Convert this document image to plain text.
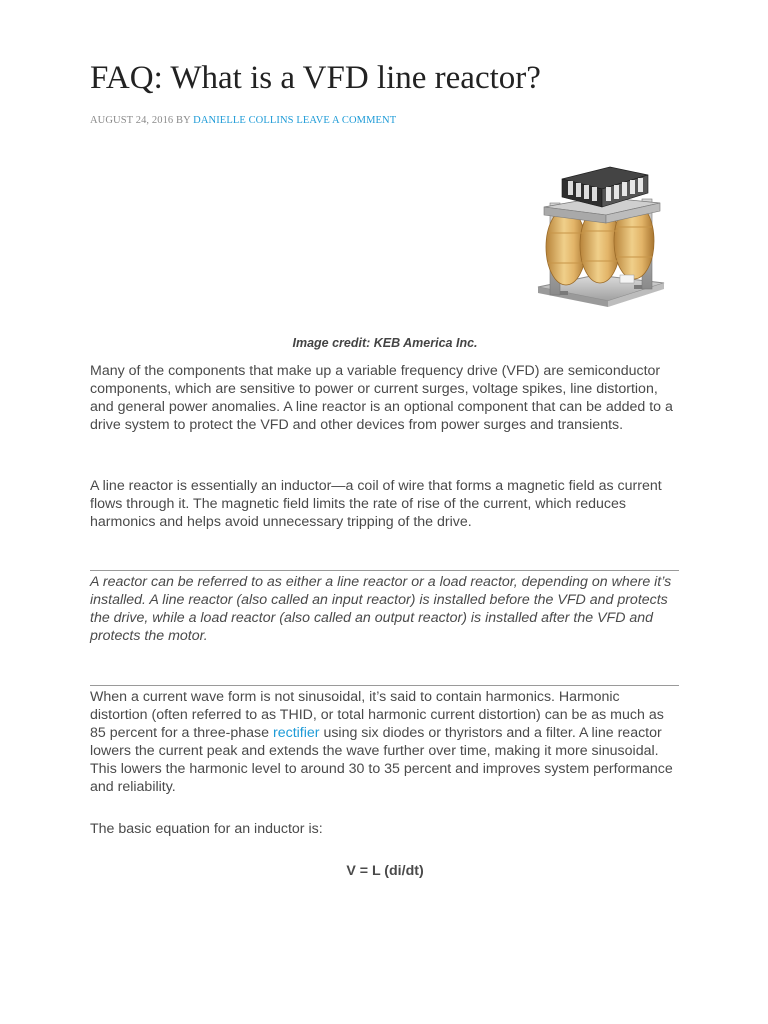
FAQ: What is a VFD line reactor?
AUGUST 24, 2016 BY DANIELLE COLLINS LEAVE A COMMENT
Image credit: KEB America Inc.

Many of the components that make up a variable frequency drive (VFD) are semiconductor components, which are sensitive to power or current surges, voltage spikes, line distortion, and general power anomalies. A line reactor is an optional component that can be added to a drive system to protect the VFD and other devices from power surges and transients.

A line reactor is essentially an inductor—a coil of wire that forms a magnetic field as current flows through it. The magnetic field limits the rate of rise of the current, which reduces harmonics and helps avoid unnecessary tripping of the drive.

A reactor can be referred to as either a line reactor or a load reactor, depending on where it’s installed. A line reactor (also called an input reactor) is installed before the VFD and protects the drive, while a load reactor (also called an output reactor) is installed after the VFD and protects the motor.

When a current wave form is not sinusoidal, it’s said to contain harmonics. Harmonic distortion (often referred to as THID, or total harmonic current distortion) can be as much as 85 percent for a three-phase rectifier using six diodes or thyristors and a filter. A line reactor lowers the current peak and extends the wave further over time, making it more sinusoidal. This lowers the harmonic level to around 30 to 35 percent and improves system performance and reliability.

The basic equation for an inductor is:

V = L (di/dt)
